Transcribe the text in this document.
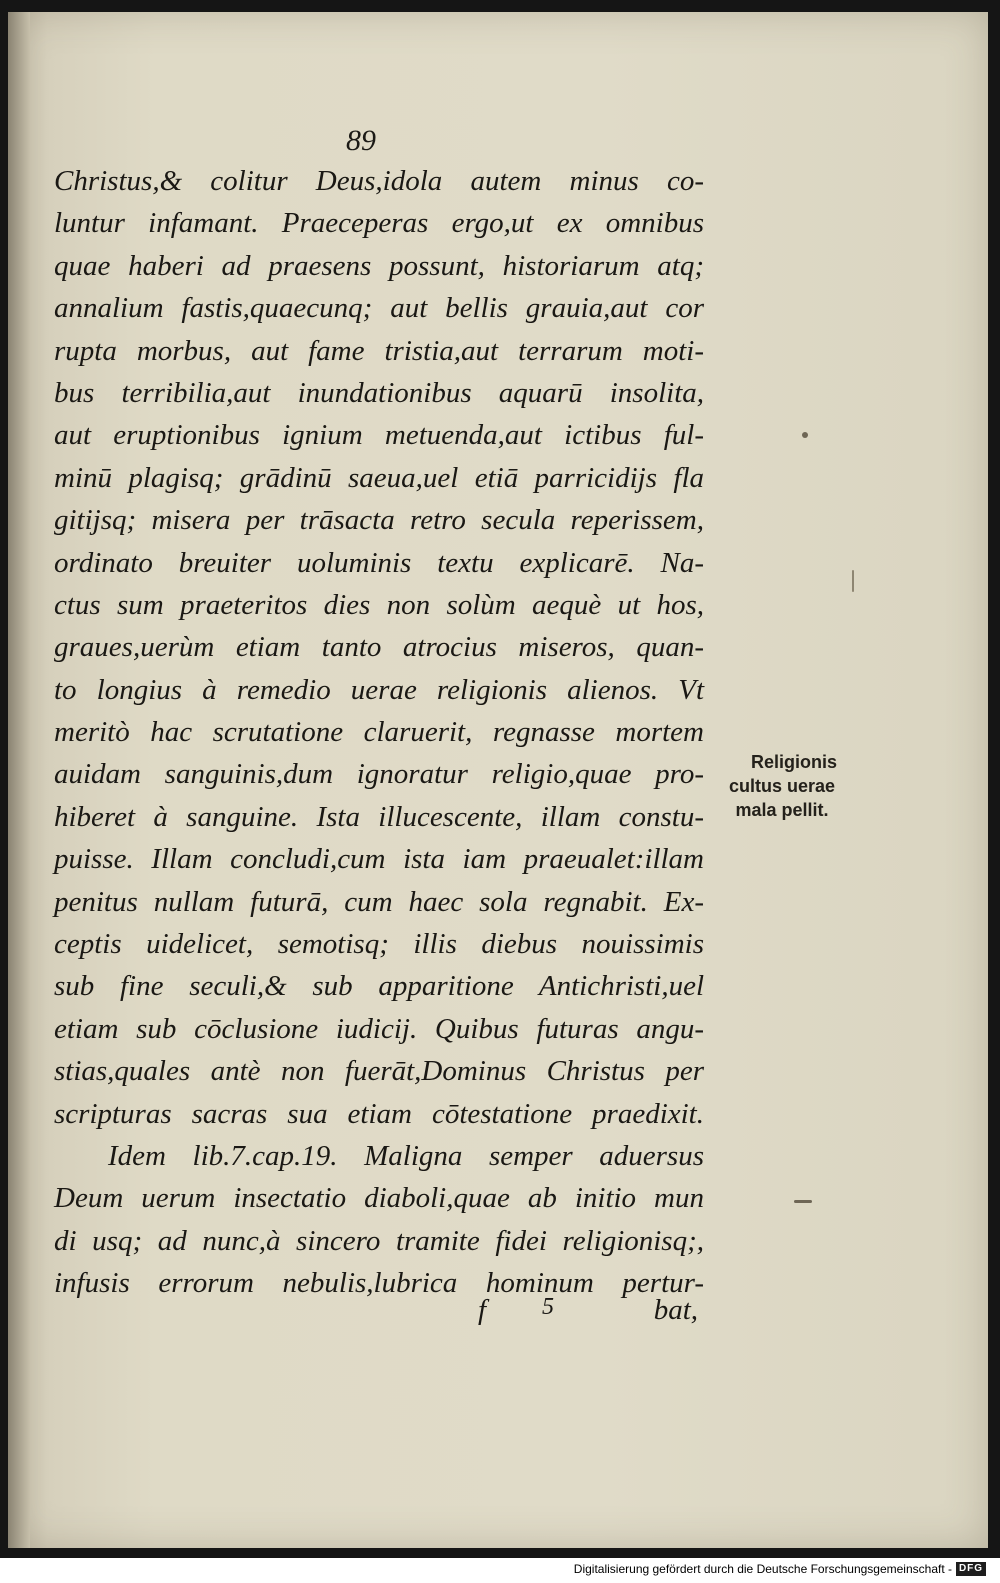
89
Christus,& colitur Deus,idola autem minus co-
luntur infamant. Praeceperas ergo,ut ex omnibus
quae haberi ad praesens possunt, historiarum atq;
annalium fastis,quaecunq; aut bellis grauia,aut cor
rupta morbus, aut fame tristia,aut terrarum moti-
bus terribilia,aut inundationibus aquarū insolita,
aut eruptionibus ignium metuenda,aut ictibus ful-
minū plagisq; grādinū saeua,uel etiā parricidijs fla
gitijsq; misera per trāsacta retro secula reperissem,
ordinato breuiter uoluminis textu explicarē. Na-
ctus sum praeteritos dies non solùm aequè ut hos,
graues,uerùm etiam tanto atrocius miseros, quan-
to longius à remedio uerae religionis alienos. Vt
meritò hac scrutatione claruerit, regnasse mortem
auidam sanguinis,dum ignoratur religio,quae pro-
hiberet à sanguine. Ista illucescente, illam constu-
puisse. Illam concludi,cum ista iam praeualet:illam
penitus nullam futurā, cum haec sola regnabit. Ex-
ceptis uidelicet, semotisq; illis diebus nouissimis
sub fine seculi,& sub apparitione Antichristi,uel
etiam sub cōclusione iudicij. Quibus futuras angu-
stias,quales antè non fuerāt,Dominus Christus per
scripturas sacras sua etiam cōtestatione praedixit.
Idem lib.7.cap.19. Maligna semper aduersus
Deum uerum insectatio diaboli,quae ab initio mun
di usq; ad nunc,à sincero tramite fidei religionisq;,
infusis errorum nebulis,lubrica hominum pertur-
Religionis
cultus uerae
mala pellit.
f 5	bat,
Digitalisierung gefördert durch die Deutsche Forschungsgemeinschaft - DFG
